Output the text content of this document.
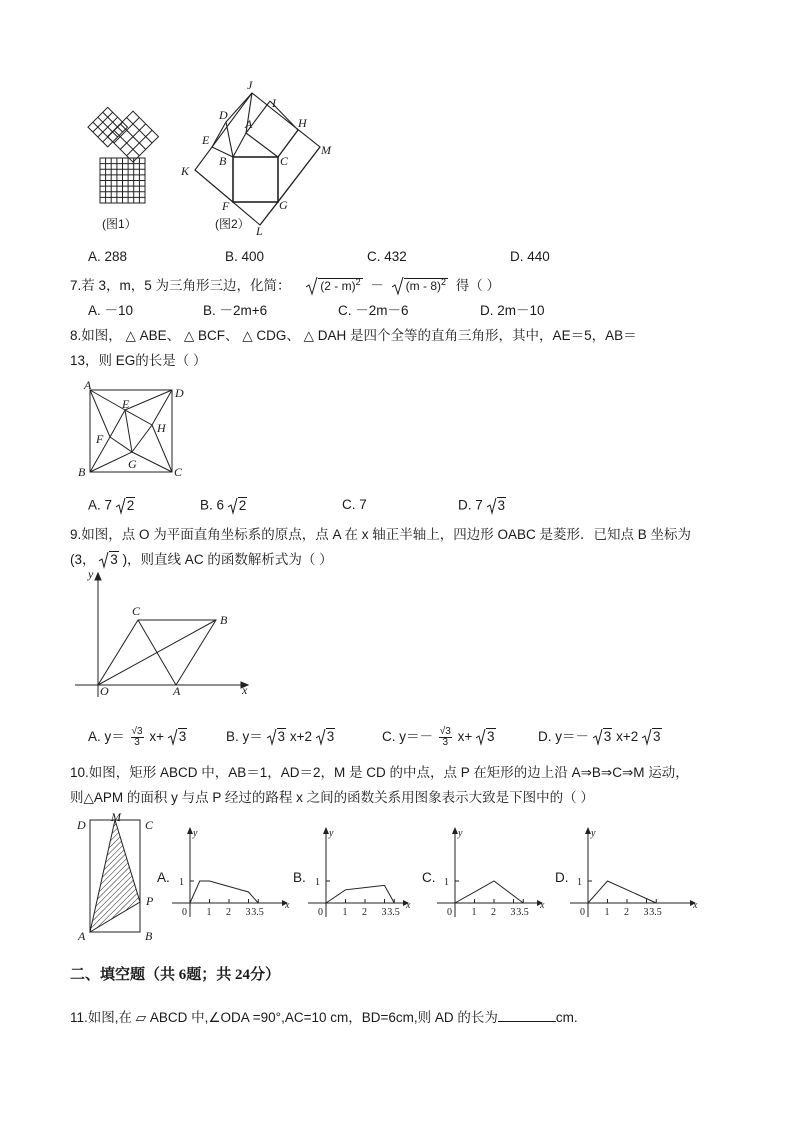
(图1）
J
I
D
A	H
E
M
B	C
K
G
F
L
(图2）
A. 288	B. 400	C. 432	D. 440
7.若 3，m，5 为三角形三边，化简： (2 - m)$^2$ － (m - 8)$^2$ 得（ ）
A. －10	B. －2m+6	C. －2m－6	D. 2m－10
8.如图， △ ABE、 △ BCF、 △ CDG、 △ DAH 是四个全等的直角三角形，其中，AE＝5，AB＝
13，则 EG的长是（ ）
A
D
E
H
F
G
B	C
A. 7 2	B. 6 2	C. 7	D. 7 3
9.如图，点 O 为平面直角坐标系的原点，点 A 在 x 轴正半轴上，四边形 OABC 是菱形．已知点 B 坐标为
(3， 3 )，则直线 AC 的函数解析式为（ ）
y
C
B
O	A	x
A. $y= \frac{√3}{3} x+ 3$	B. y＝ 3 x+2 3	C. $y=- \frac{√3}{3} x+ 3$	D. y＝－ 3 x+2 3
10.如图，矩形 ABCD 中，AB＝1，AD＝2，M 是 CD 的中点，点 P 在矩形的边上沿 A⇒B⇒C⇒M 运动，
则△APM 的面积 y 与点 P 经过的路程 x 之间的函数关系用图象表示大致是下图中的（ ）
D
M
C
P
A	B
A.
y
x
0
1
1 2 3 3.5
B.
y
x
0
1
1 2 3 3.5
C.
y
x
0
1
1 2 3 3.5
D.
y
x
0
1
1 2 3 3.5
二、填空题（共 6题；共 24分）
11.如图,在 ▱ ABCD 中,∠ODA =90°,AC=10 cm，BD=6cm,则 AD 的长为	cm.
